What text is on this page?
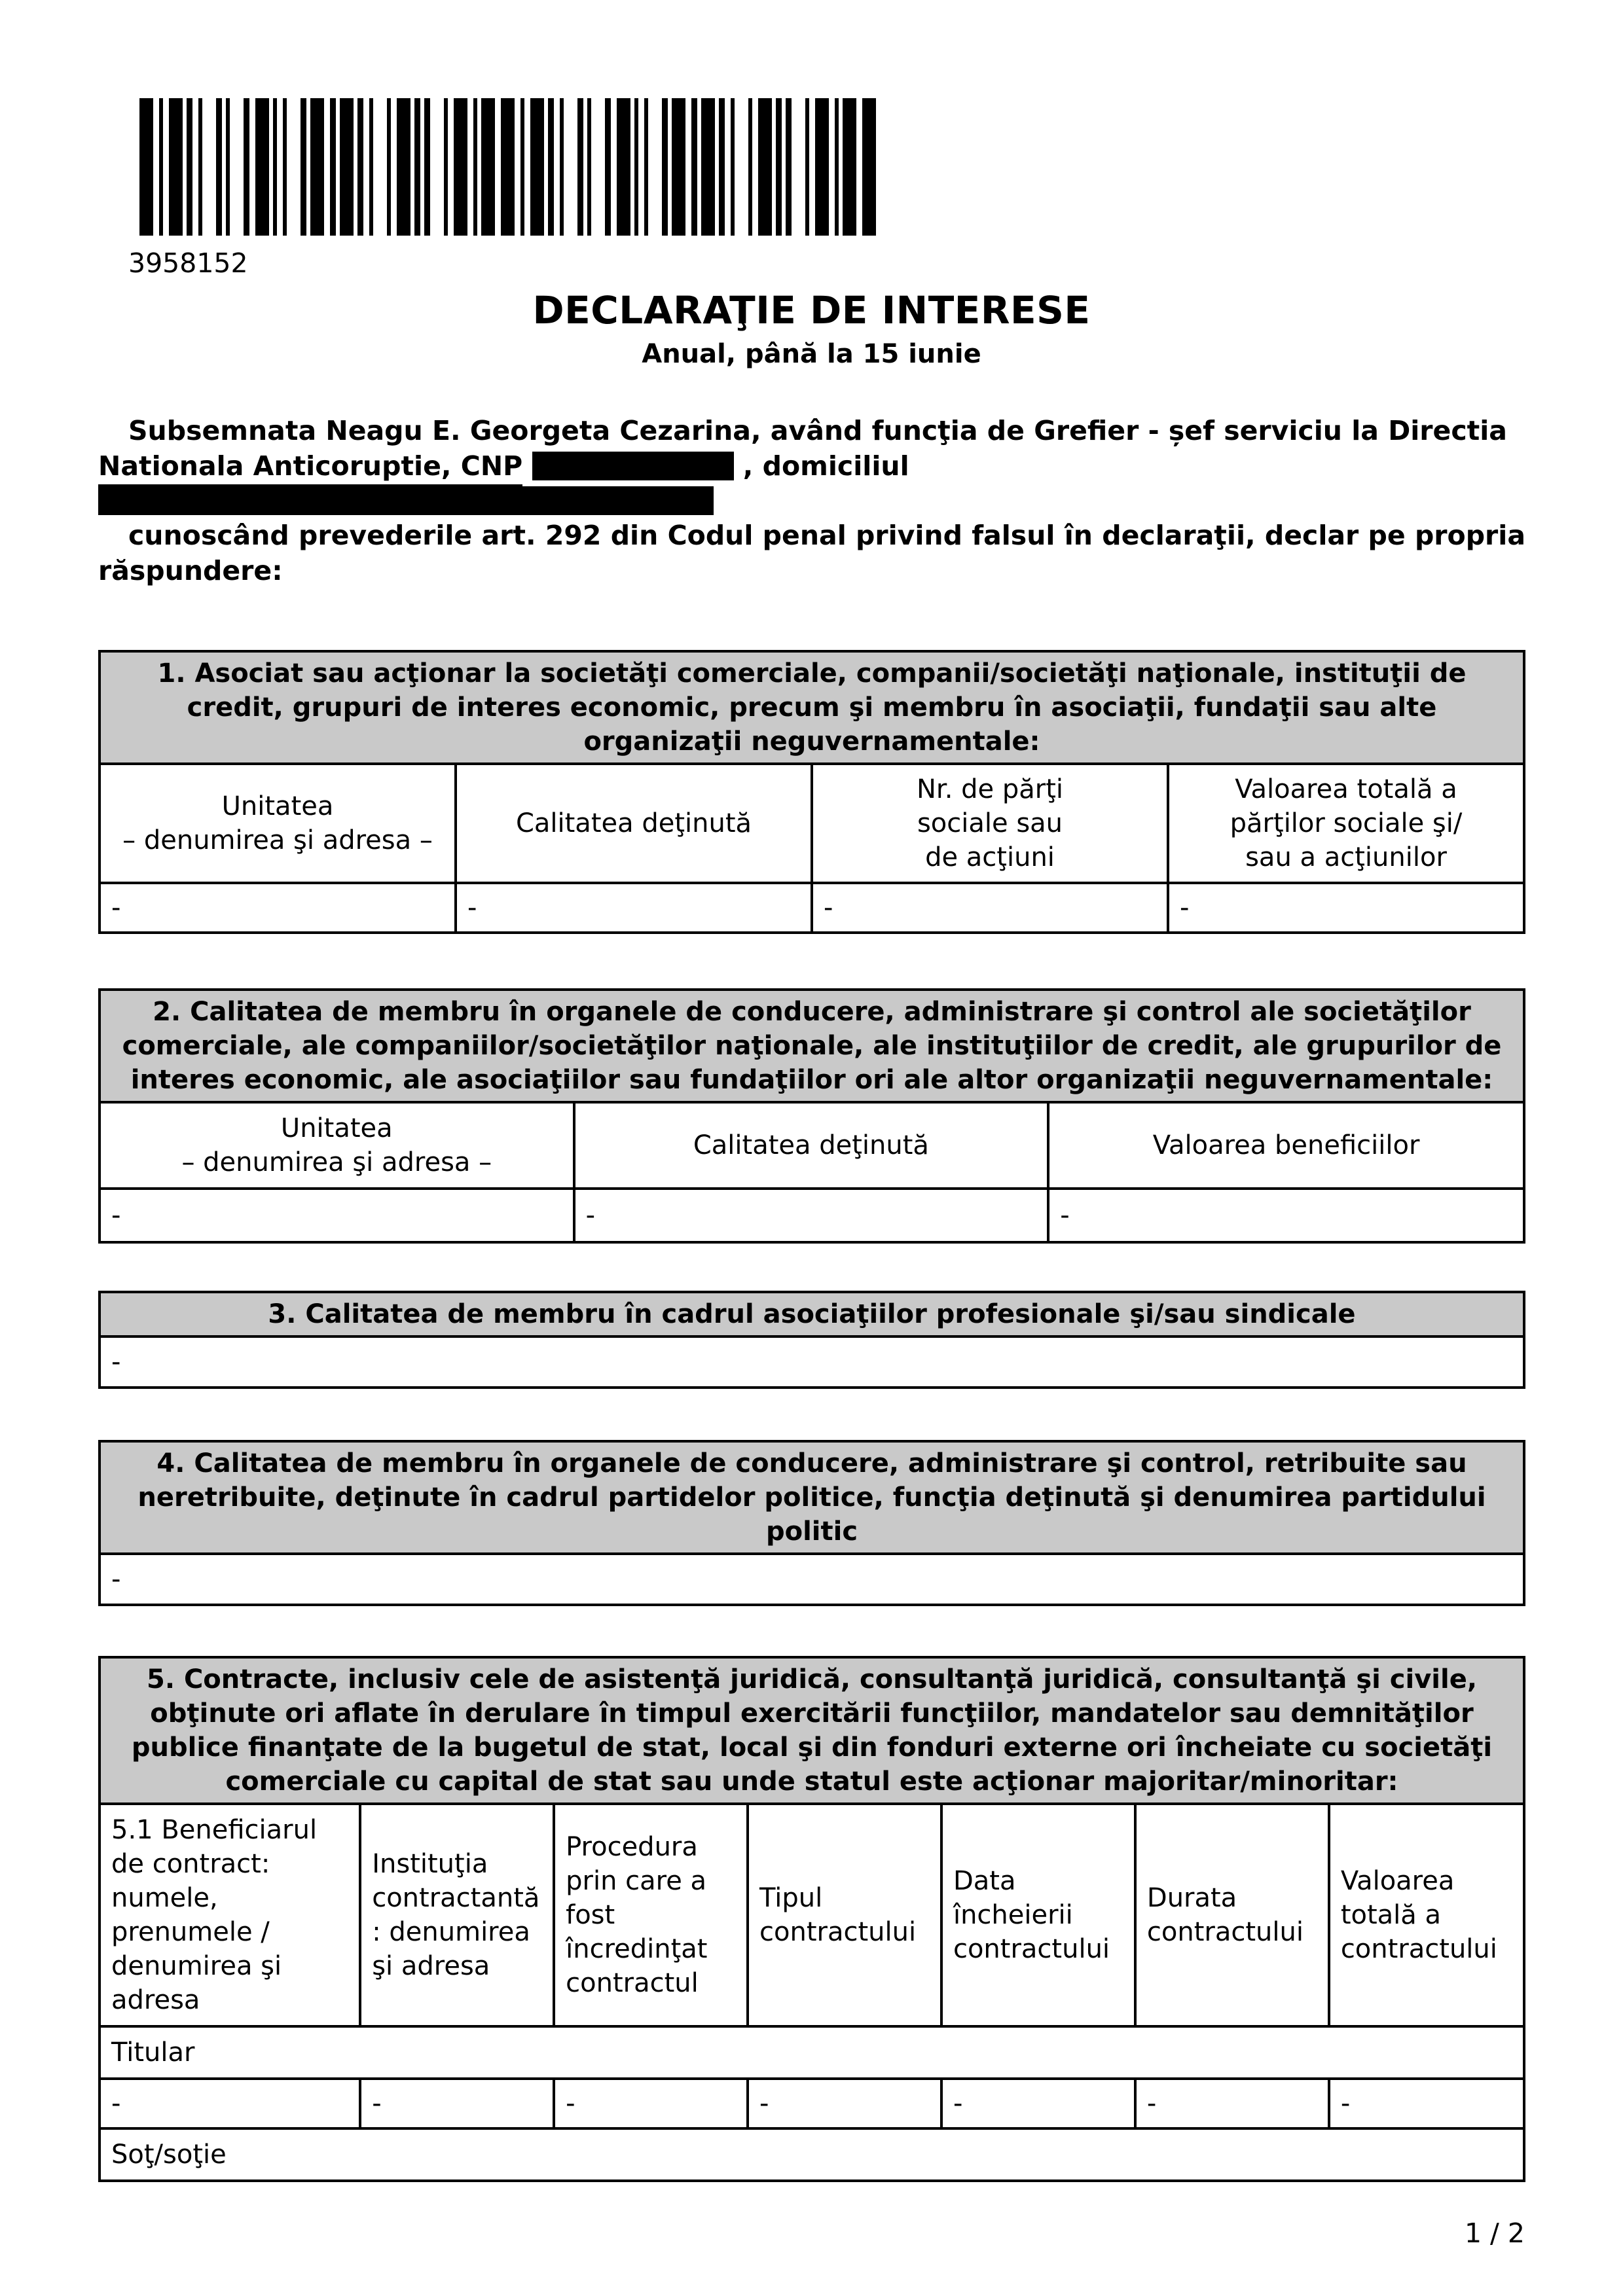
3958152
DECLARAŢIE DE INTERESE
Anual, până la 15 iunie
Subsemnata Neagu E. Georgeta Cezarina, având funcţia de Grefier - șef serviciu la Directia
Nationala Anticoruptie, CNP	, domiciliul
cunoscând prevederile art. 292 din Codul penal privind falsul în declaraţii, declar pe propria
răspundere:
1. Asociat sau acţionar la societăţi comerciale, companii/societăţi naţionale, instituţii de credit, grupuri de interes economic, precum şi membru în asociaţii, fundaţii sau alte organizaţii neguvernamentale:			
Unitatea
– denumirea şi adresa –	Calitatea deţinută	Nr. de părţi
sociale sau
de acţiuni	Valoarea totală a
părţilor sociale şi/
sau a acţiunilor
-	-	-	-
2. Calitatea de membru în organele de conducere, administrare şi control ale societăţilor comerciale, ale companiilor/societăţilor naţionale, ale instituţiilor de credit, ale grupurilor de interes economic, ale asociaţiilor sau fundaţiilor ori ale altor organizaţii neguvernamentale:		
Unitatea
– denumirea şi adresa –	Calitatea deţinută	Valoarea beneficiilor
-	-	-
3. Calitatea de membru în cadrul asociaţiilor profesionale şi/sau sindicale
-
4. Calitatea de membru în organele de conducere, administrare şi control, retribuite sau neretribuite, deţinute în cadrul partidelor politice, funcţia deţinută şi denumirea partidului politic
-
5. Contracte, inclusiv cele de asistenţă juridică, consultanţă juridică, consultanţă şi civile, obţinute ori aflate în derulare în timpul exercitării funcţiilor, mandatelor sau demnităţilor publice finanţate de la bugetul de stat, local şi din fonduri externe ori încheiate cu societăţi comerciale cu capital de stat sau unde statul este acţionar majoritar/minoritar:						
5.1 Beneficiarul de contract: numele, prenumele / denumirea şi adresa	Instituţia contractantă : denumirea şi adresa	Procedura prin care a fost încredinţat contractul	Tipul contractului	Data încheierii contractului	Durata contractului	Valoarea totală a contractului
Titular						
-	-	-	-	-	-	-
Soţ/soţie						
1 / 2
